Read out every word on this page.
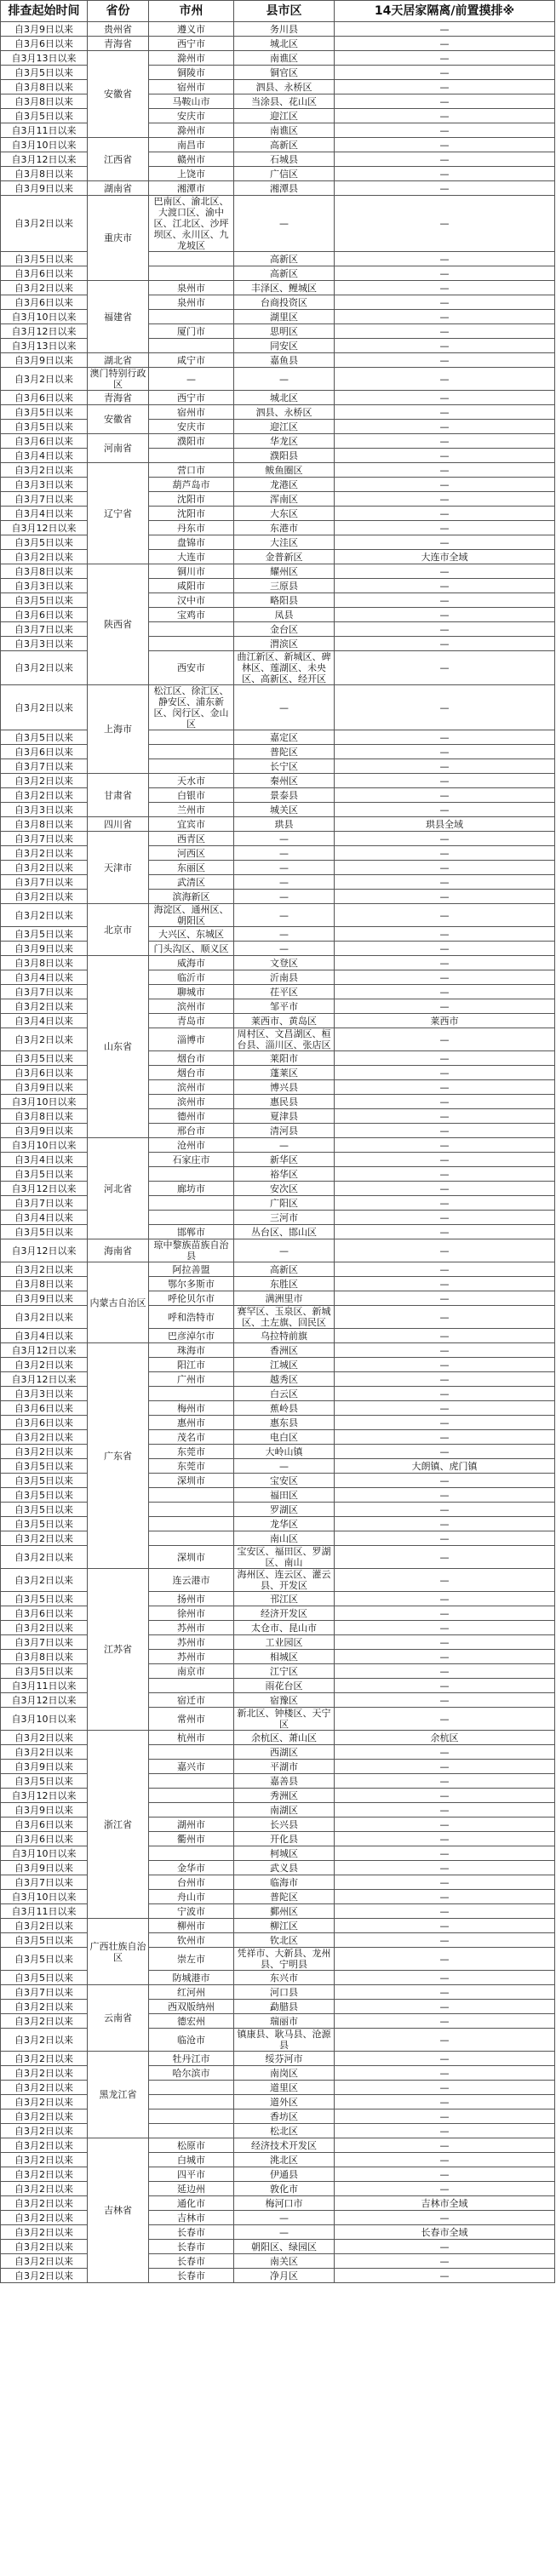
排查起始时间	省份	市州	县市区	14天居家隔离/前置摸排※
自3月9日以来	贵州省	遵义市	务川县	—
自3月6日以来	青海省	西宁市	城北区	—
自3月13日以来	安徽省	滁州市	南谯区	—
自3月5日以来		铜陵市	铜官区	—
自3月8日以来		宿州市	泗县、永桥区	—
自3月8日以来		马鞍山市	当涂县、花山区	—
自3月5日以来		安庆市	迎江区	—
自3月11日以来		滁州市	南谯区	—
自3月10日以来	江西省	南昌市	高新区	—
自3月12日以来		赣州市	石城县	—
自3月8日以来		上饶市	广信区	—
自3月9日以来	湖南省	湘潭市	湘潭县	—
自3月2日以来	重庆市	巴南区、渝北区、大渡口区、渝中区、江北区、沙坪坝区、永川区、九龙坡区	—	—
自3月5日以来			高新区	—
自3月6日以来			高新区	—
自3月2日以来	福建省	泉州市	丰泽区、鲤城区	—
自3月6日以来		泉州市	台商投资区	—
自3月10日以来			湖里区	—
自3月12日以来		厦门市	思明区	—
自3月13日以来			同安区	—
自3月9日以来	湖北省	咸宁市	嘉鱼县	—
自3月2日以来	澳门特别行政区	—	—	—
自3月6日以来	青海省	西宁市	城北区	—
自3月5日以来	安徽省	宿州市	泗县、永桥区	—
自3月5日以来		安庆市	迎江区	—
自3月6日以来	河南省	濮阳市	华龙区	—
自3月4日以来			濮阳县	—
自3月2日以来	辽宁省	营口市	鲅鱼圈区	—
自3月3日以来		葫芦岛市	龙港区	—
自3月7日以来		沈阳市	浑南区	—
自3月4日以来		沈阳市	大东区	—
自3月12日以来		丹东市	东港市	—
自3月5日以来		盘锦市	大洼区	—
自3月2日以来		大连市	金普新区	大连市全域
自3月8日以来	陕西省	铜川市	耀州区	—
自3月3日以来		咸阳市	三原县	—
自3月5日以来		汉中市	略阳县	—
自3月6日以来		宝鸡市	凤县	—
自3月7日以来			金台区	—
自3月3日以来			渭滨区	—
自3月2日以来		西安市	曲江新区、新城区、碑林区、莲湖区、未央区、高新区、经开区	—
自3月2日以来	上海市	松江区、徐汇区、静安区、浦东新区、闵行区、金山区	—	—
自3月5日以来			嘉定区	—
自3月6日以来			普陀区	—
自3月7日以来			长宁区	—
自3月2日以来	甘肃省	天水市	秦州区	—
自3月2日以来		白银市	景泰县	—
自3月3日以来		兰州市	城关区	—
自3月8日以来	四川省	宜宾市	珙县	珙县全域
自3月7日以来	天津市	西青区	—	—
自3月2日以来		河西区	—	—
自3月2日以来		东丽区	—	—
自3月7日以来		武清区	—	—
自3月2日以来		滨海新区	—	—
自3月2日以来	北京市	海淀区、通州区、朝阳区	—	—
自3月5日以来		大兴区、东城区	—	—
自3月9日以来		门头沟区、顺义区	—	—
自3月8日以来	山东省	威海市	文登区	—
自3月4日以来		临沂市	沂南县	—
自3月7日以来		聊城市	茌平区	—
自3月2日以来		滨州市	邹平市	—
自3月4日以来		青岛市	莱西市、黄岛区	莱西市
自3月2日以来		淄博市	周村区、文昌湖区、桓台县、淄川区、张店区	—
自3月5日以来		烟台市	莱阳市	—
自3月6日以来		烟台市	蓬莱区	—
自3月9日以来		滨州市	博兴县	—
自3月10日以来		滨州市	惠民县	—
自3月8日以来		德州市	夏津县	—
自3月9日以来		邢台市	清河县	—
自3月10日以来	河北省	沧州市	—	—
自3月4日以来		石家庄市	新华区	—
自3月5日以来			裕华区	—
自3月12日以来		廊坊市	安次区	—
自3月7日以来			广阳区	—
自3月4日以来			三河市	—
自3月5日以来		邯郸市	丛台区、邯山区	—
自3月12日以来	海南省	琼中黎族苗族自治县	—	—
自3月2日以来	内蒙古自治区	阿拉善盟	高新区	—
自3月8日以来		鄂尔多斯市	东胜区	—
自3月9日以来		呼伦贝尔市	满洲里市	—
自3月2日以来		呼和浩特市	赛罕区、玉泉区、新城区、土左旗、回民区	—
自3月4日以来		巴彦淖尔市	乌拉特前旗	—
自3月12日以来	广东省	珠海市	香洲区	—
自3月2日以来		阳江市	江城区	—
自3月12日以来		广州市	越秀区	—
自3月3日以来			白云区	—
自3月6日以来		梅州市	蕉岭县	—
自3月6日以来		惠州市	惠东县	—
自3月2日以来		茂名市	电白区	—
自3月2日以来		东莞市	大岭山镇	—
自3月5日以来		东莞市	—	大朗镇、虎门镇
自3月5日以来		深圳市	宝安区	—
自3月5日以来			福田区	—
自3月5日以来			罗湖区	—
自3月5日以来			龙华区	—
自3月2日以来			南山区	—
自3月2日以来		深圳市	宝安区、福田区、罗湖区、南山	—
自3月2日以来	江苏省	连云港市	海州区、连云区、灌云县、开发区	—
自3月5日以来		扬州市	邗江区	—
自3月6日以来		徐州市	经济开发区	—
自3月2日以来		苏州市	太仓市、昆山市	—
自3月7日以来		苏州市	工业园区	—
自3月8日以来		苏州市	相城区	—
自3月5日以来		南京市	江宁区	—
自3月11日以来			雨花台区	—
自3月12日以来		宿迁市	宿豫区	—
自3月10日以来		常州市	新北区、钟楼区、天宁区	—
自3月2日以来	浙江省	杭州市	余杭区、萧山区	余杭区
自3月2日以来			西湖区	—
自3月9日以来		嘉兴市	平湖市	—
自3月5日以来			嘉善县	—
自3月12日以来			秀洲区	—
自3月9日以来			南湖区	—
自3月6日以来		湖州市	长兴县	—
自3月6日以来		衢州市	开化县	—
自3月10日以来			柯城区	—
自3月9日以来		金华市	武义县	—
自3月7日以来		台州市	临海市	—
自3月10日以来		舟山市	普陀区	—
自3月11日以来		宁波市	鄞州区	—
自3月2日以来	广西壮族自治区	柳州市	柳江区	—
自3月5日以来		钦州市	钦北区	—
自3月5日以来		崇左市	凭祥市、大新县、龙州县、宁明县	—
自3月5日以来		防城港市	东兴市	—
自3月7日以来	云南省	红河州	河口县	—
自3月2日以来		西双版纳州	勐腊县	—
自3月2日以来		德宏州	瑞丽市	—
自3月2日以来		临沧市	镇康县、耿马县、沧源县	—
自3月2日以来	黑龙江省	牡丹江市	绥芬河市	—
自3月2日以来		哈尔滨市	南岗区	—
自3月2日以来			道里区	—
自3月2日以来			道外区	—
自3月2日以来			香坊区	—
自3月2日以来			松北区	—
自3月2日以来	吉林省	松原市	经济技术开发区	—
自3月2日以来		白城市	洮北区	—
自3月2日以来		四平市	伊通县	—
自3月2日以来		延边州	敦化市	—
自3月2日以来		通化市	梅河口市	吉林市全域
自3月2日以来		吉林市	—	—
自3月2日以来		长春市	—	长春市全域
自3月2日以来		长春市	朝阳区、绿园区	—
自3月2日以来		长春市	南关区	—
自3月2日以来		长春市	净月区	—
